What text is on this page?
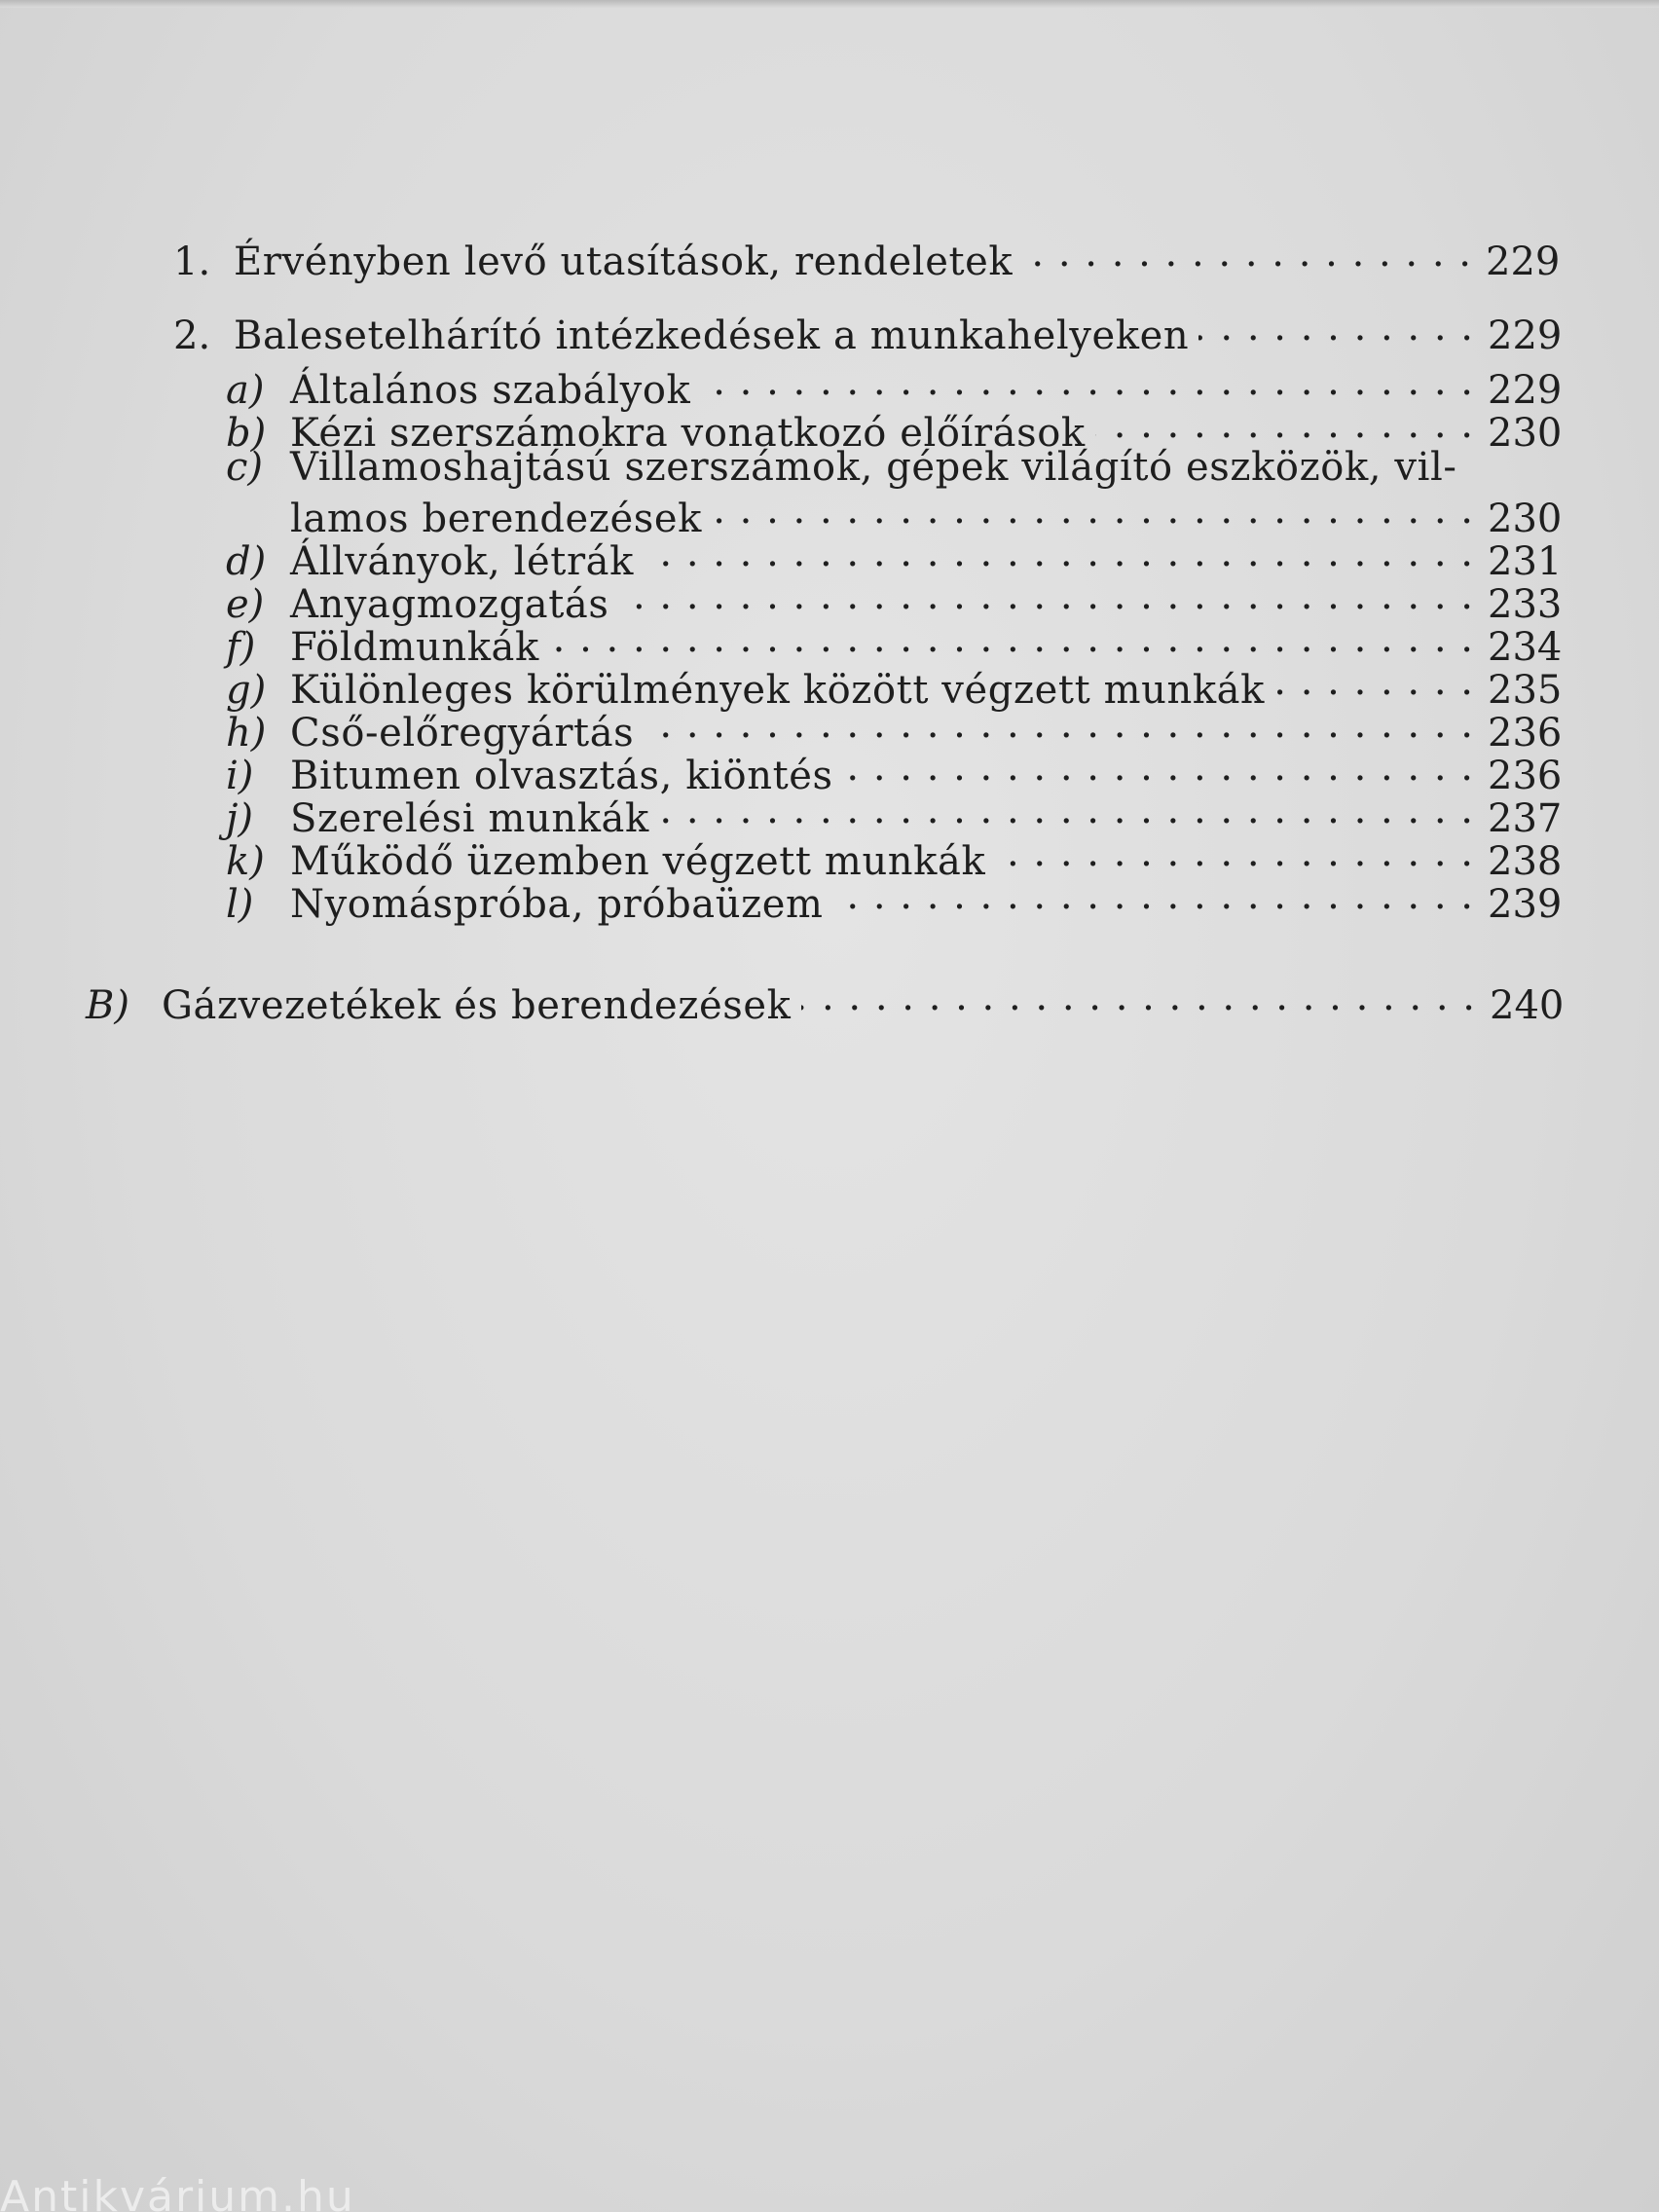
1. Érvényben levő utasítások, rendeletek . . .	229
2. Balesetelhárító intézkedések a munkahelyeken . . .	229
a) Általános szabályok . . .	229
b) Kézi szerszámokra vonatkozó előírások . . .	230
c) Villamoshajtású szerszámok, gépek világító eszközök, vil-
lamos berendezések . . .	230
d) Állványok, létrák . . .	231
e) Anyagmozgatás . . .	233
f) Földmunkák . . .	234
g) Különleges körülmények között végzett munkák . . .	235
h) Cső-előregyártás . . .	236
i) Bitumen olvasztás, kiöntés . . .	236
j) Szerelési munkák . . .	237
k) Működő üzemben végzett munkák . . .	238
l) Nyomáspróba, próbaüzem . . .	239
B) Gázvezetékek és berendezések . . .	240
Antikvárium.hu
